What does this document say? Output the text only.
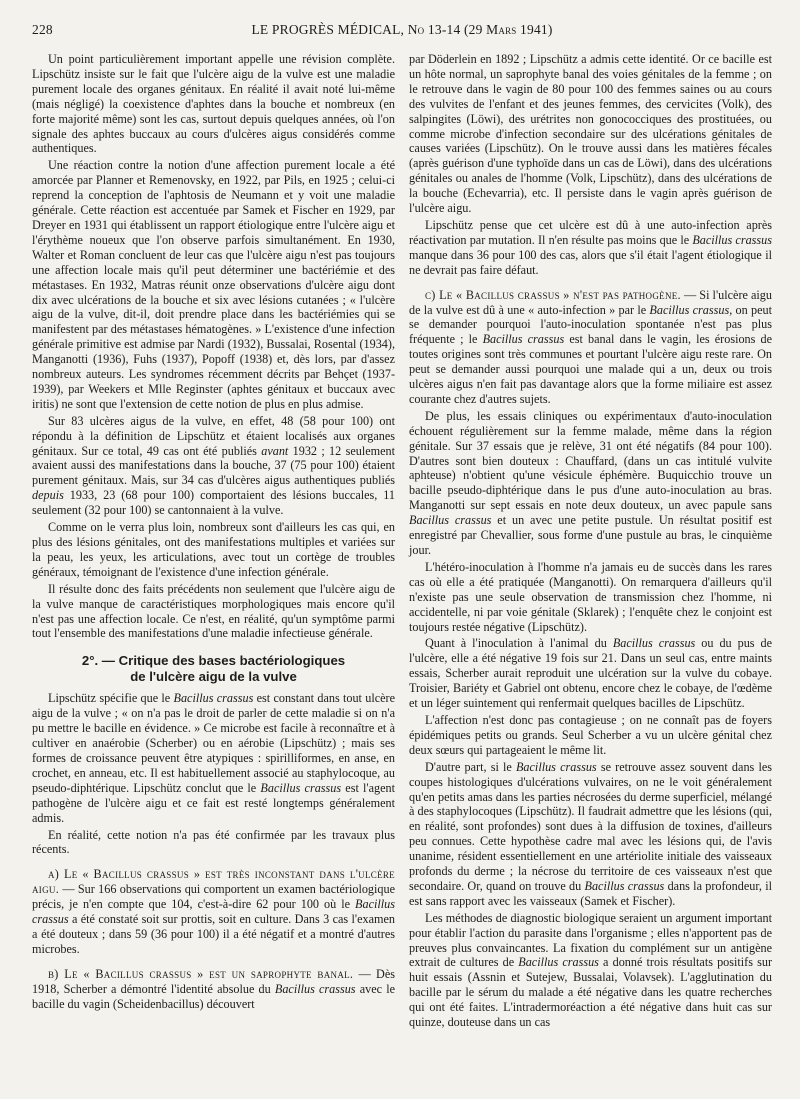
228	LE PROGRÈS MÉDICAL, No 13-14 (29 Mars 1941)

Un point particulièrement important appelle une révision complète. Lipschütz insiste sur le fait que l'ulcère aigu de la vulve est une maladie purement locale des organes génitaux. En réalité il avait noté lui-même (mais négligé) la coexistence d'aphtes dans la bouche et nombreux (en forte majorité même) sont les cas, surtout depuis quelques années, où l'on signale des aphtes buccaux au cours d'ulcères aigus considérés comme authentiques.

Une réaction contre la notion d'une affection purement locale a été amorcée par Planner et Remenovsky, en 1922, par Pils, en 1925 ; celui-ci reprend la conception de l'aphtosis de Neumann et y voit une maladie générale. Cette réaction est accentuée par Samek et Fischer en 1929, par Dreyer en 1931 qui établissent un rapport étiologique entre l'ulcère aigu et l'érythème noueux que l'on observe parfois simultanément. En 1930, Walter et Roman concluent de leur cas que l'ulcère aigu n'est pas toujours une affection locale mais qu'il peut déterminer une bactériémie et des métastases. En 1932, Matras réunit onze observations d'ulcère aigu dont dix avec ulcérations de la bouche et six avec lésions cutanées ; « l'ulcère aigu de la vulve, dit-il, doit prendre place dans les bactériémies qui se manifestent par des métastases hématogènes. » L'existence d'une infection générale primitive est admise par Nardi (1932), Bussalai, Rosental (1934), Manganotti (1936), Fuhs (1937), Popoff (1938) et, dès lors, par d'assez nombreux auteurs. Les syndromes récemment décrits par Behçet (1937-1939), par Weekers et Mlle Reginster (aphtes génitaux et buccaux avec iritis) ne sont que l'extension de cette notion de plus en plus admise.

Sur 83 ulcères aigus de la vulve, en effet, 48 (58 pour 100) ont répondu à la définition de Lipschütz et étaient localisés aux organes génitaux. Sur ce total, 49 cas ont été publiés avant 1932 ; 12 seulement avaient aussi des manifestations dans la bouche, 37 (75 pour 100) étaient purement génitaux. Mais, sur 34 cas d'ulcères aigus authentiques publiés depuis 1933, 23 (68 pour 100) comportaient des lésions buccales, 11 seulement (32 pour 100) se cantonnaient à la vulve.

Comme on le verra plus loin, nombreux sont d'ailleurs les cas qui, en plus des lésions génitales, ont des manifestations multiples et variées sur la peau, les yeux, les articulations, avec tout un cortège de troubles généraux, témoignant de l'existence d'une infection générale.

Il résulte donc des faits précédents non seulement que l'ulcère aigu de la vulve manque de caractéristiques morphologiques mais encore qu'il n'est pas une affection locale. Ce n'est, en réalité, qu'un symptôme parmi tout l'ensemble des manifestations d'une maladie infectieuse générale.

2°. — Critique des bases bactériologiques
de l'ulcère aigu de la vulve

Lipschütz spécifie que le Bacillus crassus est constant dans tout ulcère aigu de la vulve ; « on n'a pas le droit de parler de cette maladie si on n'a pu mettre le bacille en évidence. » Ce microbe est facile à reconnaître et à cultiver en anaérobie (Scherber) ou en aérobie (Lipschütz) ; mais ses formes de croissance peuvent être atypiques : spirilliformes, en anse, en crochet, en anneau, etc. Il est habituellement associé au staphylocoque, au pseudo-diphtérique. Lipschütz conclut que le Bacillus crassus est l'agent pathogène de l'ulcère aigu et ce fait est resté longtemps généralement admis.

En réalité, cette notion n'a pas été confirmée par les travaux plus récents.

a) Le « Bacillus crassus » est très inconstant dans l'ulcère aigu. — Sur 166 observations qui comportent un examen bactériologique précis, je n'en compte que 104, c'est-à-dire 62 pour 100 où le Bacillus crassus a été constaté soit sur prottis, soit en culture. Dans 3 cas l'examen a été douteux ; dans 59 (36 pour 100) il a été négatif et a montré d'autres microbes.

b) Le « Bacillus crassus » est un saprophyte banal. — Dès 1918, Scherber a démontré l'identité absolue du Bacillus crassus avec le bacille du vagin (Scheidenbacillus) découvert

par Döderlein en 1892 ; Lipschütz a admis cette identité. Or ce bacille est un hôte normal, un saprophyte banal des voies génitales de la femme ; on le retrouve dans le vagin de 80 pour 100 des femmes saines ou au cours des vulvites de l'enfant et des jeunes femmes, des cervicites (Volk), des salpingites (Löwi), des urétrites non gonococciques des prostituées, ou comme microbe d'infection secondaire sur des ulcérations génitales de causes variées (Lipschütz). On le trouve aussi dans les matières fécales (après guérison d'une typhoïde dans un cas de Löwi), dans des ulcérations génitales ou anales de l'homme (Volk, Lipschütz), dans des ulcérations de la bouche (Echevarria), etc. Il persiste dans le vagin après guérison de l'ulcère aigu.

Lipschütz pense que cet ulcère est dû à une auto-infection après réactivation par mutation. Il n'en résulte pas moins que le Bacillus crassus manque dans 36 pour 100 des cas, alors que s'il était l'agent étiologique il ne devrait pas faire défaut.

c) Le « Bacillus crassus » n'est pas pathogène. — Si l'ulcère aigu de la vulve est dû à une « auto-infection » par le Bacillus crassus, on peut se demander pourquoi l'auto-inoculation spontanée n'est pas plus fréquente ; le Bacillus crassus est banal dans le vagin, les érosions de toutes origines sont très communes et pourtant l'ulcère aigu reste rare. On peut se demander aussi pourquoi une malade qui a un, deux ou trois ulcères aigus n'en fait pas davantage alors que la forme miliaire est assez courante chez d'autres sujets.

De plus, les essais cliniques ou expérimentaux d'auto-inoculation échouent régulièrement sur la femme malade, même dans la région génitale. Sur 37 essais que je relève, 31 ont été négatifs (84 pour 100). D'autres sont bien douteux : Chauffard, (dans un cas intitulé vulvite aphteuse) n'obtient qu'une vésicule éphémère. Buquicchio trouve un bacille pseudo-diphtérique dans le pus d'une auto-inoculation au bras. Manganotti sur sept essais en note deux douteux, un avec papule sans Bacillus crassus et un avec une petite pustule. Un résultat positif est enregistré par Chevallier, sous forme d'une pustule au bras, le cinquième jour.

L'hétéro-inoculation à l'homme n'a jamais eu de succès dans les rares cas où elle a été pratiquée (Manganotti). On remarquera d'ailleurs qu'il n'existe pas une seule observation de transmission chez l'homme, ni accidentelle, ni par voie génitale (Sklarek) ; l'enquête chez le conjoint est toujours restée négative (Lipschütz).

Quant à l'inoculation à l'animal du Bacillus crassus ou du pus de l'ulcère, elle a été négative 19 fois sur 21. Dans un seul cas, entre maints essais, Scherber aurait reproduit une ulcération sur la vulve du cobaye. Troisier, Bariéty et Gabriel ont obtenu, encore chez le cobaye, de l'œdème et un léger suintement qui renfermait quelques bacilles de Lipschütz.

L'affection n'est donc pas contagieuse ; on ne connaît pas de foyers épidémiques petits ou grands. Seul Scherber a vu un ulcère génital chez deux sœurs qui partageaient le même lit.

D'autre part, si le Bacillus crassus se retrouve assez souvent dans les coupes histologiques d'ulcérations vulvaires, on ne le voit généralement qu'en petits amas dans les parties nécrosées du derme superficiel, mélangé à des staphylocoques (Lipschütz). Il faudrait admettre que les lésions (qui, en réalité, sont profondes) sont dues à la diffusion de toxines, d'ailleurs peu connues. Cette hypothèse cadre mal avec les lésions qui, de l'avis unanime, résident essentiellement en une artériolite initiale des vaisseaux profonds du derme ; la nécrose du territoire de ces vaisseaux n'est que secondaire. Or, quand on trouve du Bacillus crassus dans la profondeur, il est sans rapport avec les vaisseaux (Samek et Fischer).

Les méthodes de diagnostic biologique seraient un argument important pour établir l'action du parasite dans l'organisme ; elles n'apportent pas de preuves plus convaincantes. La fixation du complément sur un antigène extrait de cultures de Bacillus crassus a donné trois résultats positifs sur huit essais (Assnin et Sutejew, Bussalai, Volavsek). L'agglutination du bacille par le sérum du malade a été négative dans les quatre recherches qui ont été faites. L'intradermoréaction a été négative dans huit cas sur quinze, douteuse dans un cas
